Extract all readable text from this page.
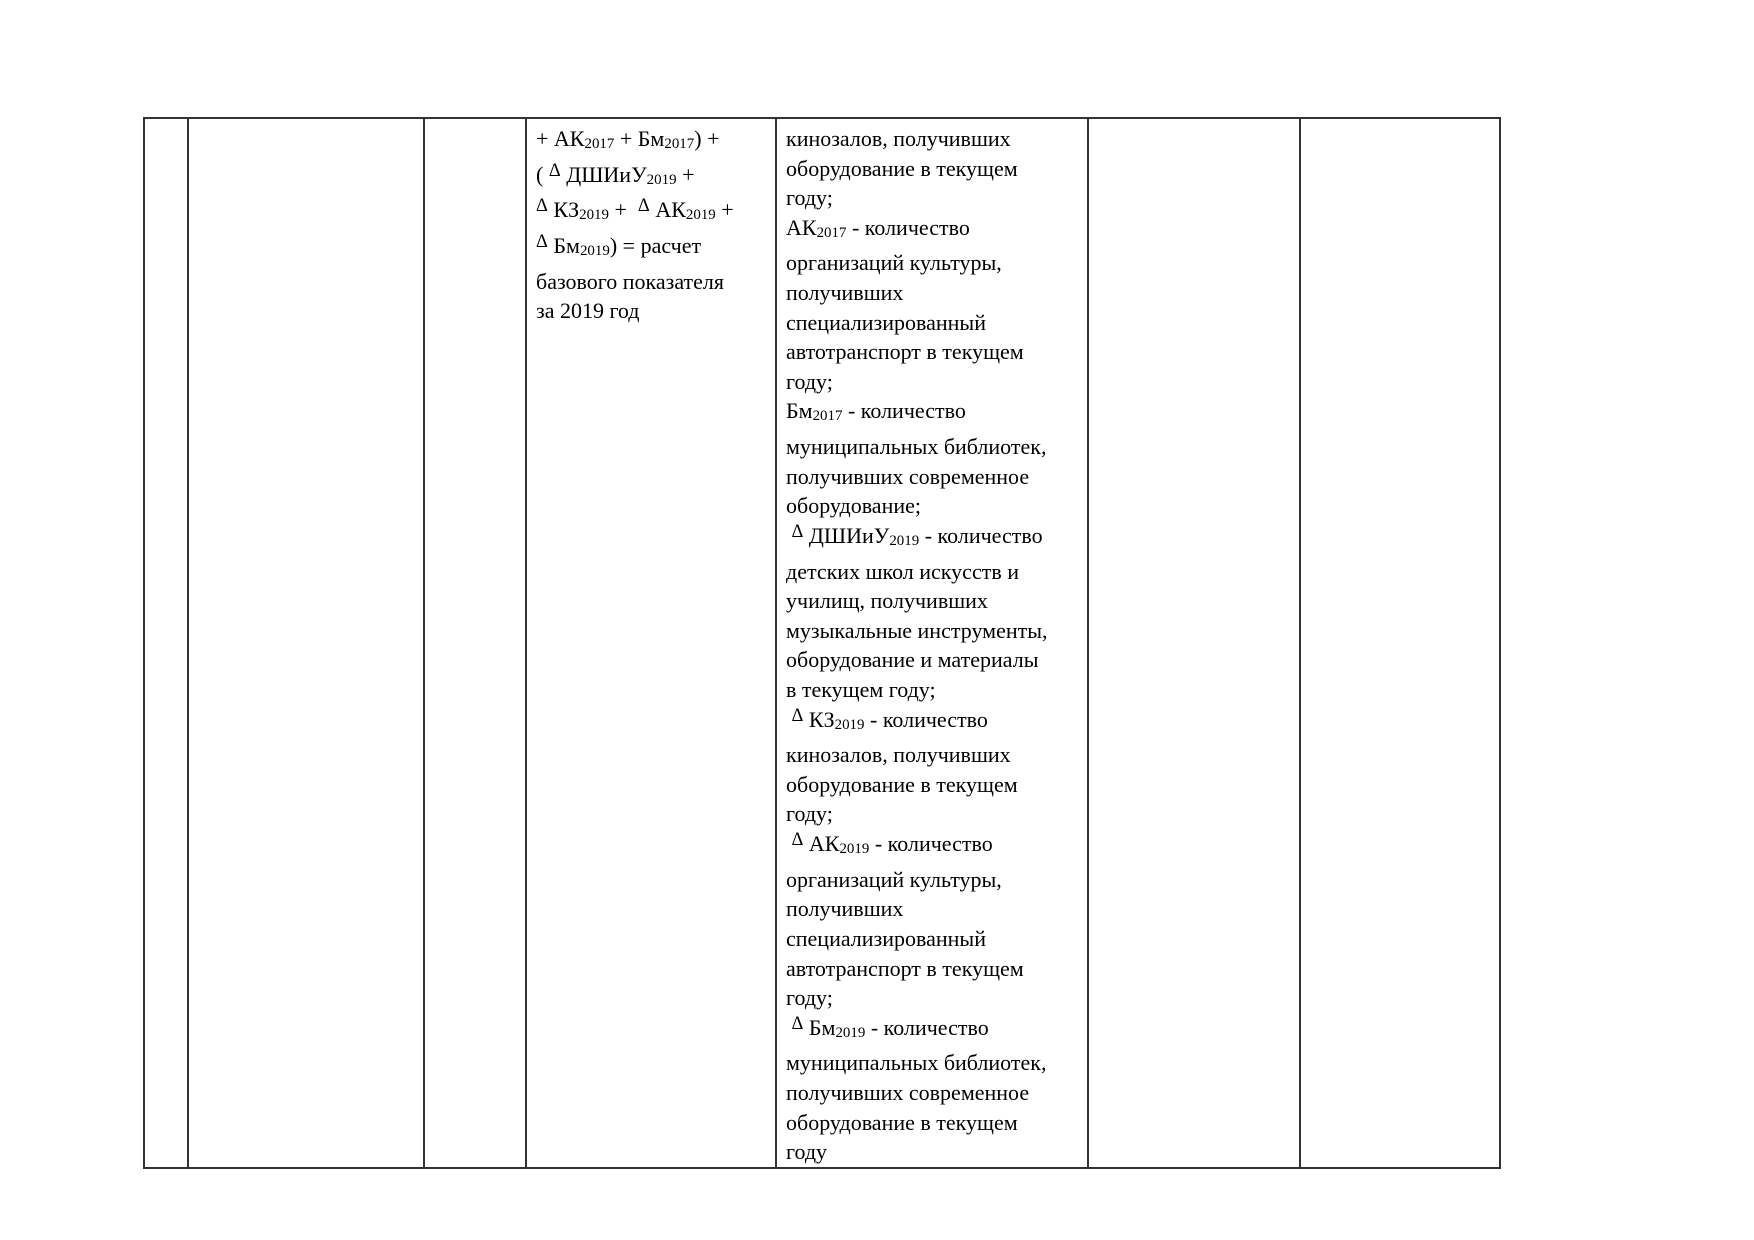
+ АК2017 + Бм2017) +
( Δ ДШИиУ2019 +
Δ КЗ2019 +  Δ АК2019 +
Δ Бм2019) = расчет
базового показателя
за 2019 год

кинозалов, получивших
оборудование в текущем
году;
АК2017 - количество
организаций культуры,
получивших
специализированный
автотранспорт в текущем
году;
Бм2017 - количество
муниципальных библиотек,
получивших современное
оборудование;
Δ ДШИиУ2019 - количество
детских школ искусств и
училищ, получивших
музыкальные инструменты,
оборудование и материалы
в текущем году;
Δ КЗ2019 - количество
кинозалов, получивших
оборудование в текущем
году;
Δ АК2019 - количество
организаций культуры,
получивших
специализированный
автотранспорт в текущем
году;
Δ Бм2019 - количество
муниципальных библиотек,
получивших современное
оборудование в текущем
году
